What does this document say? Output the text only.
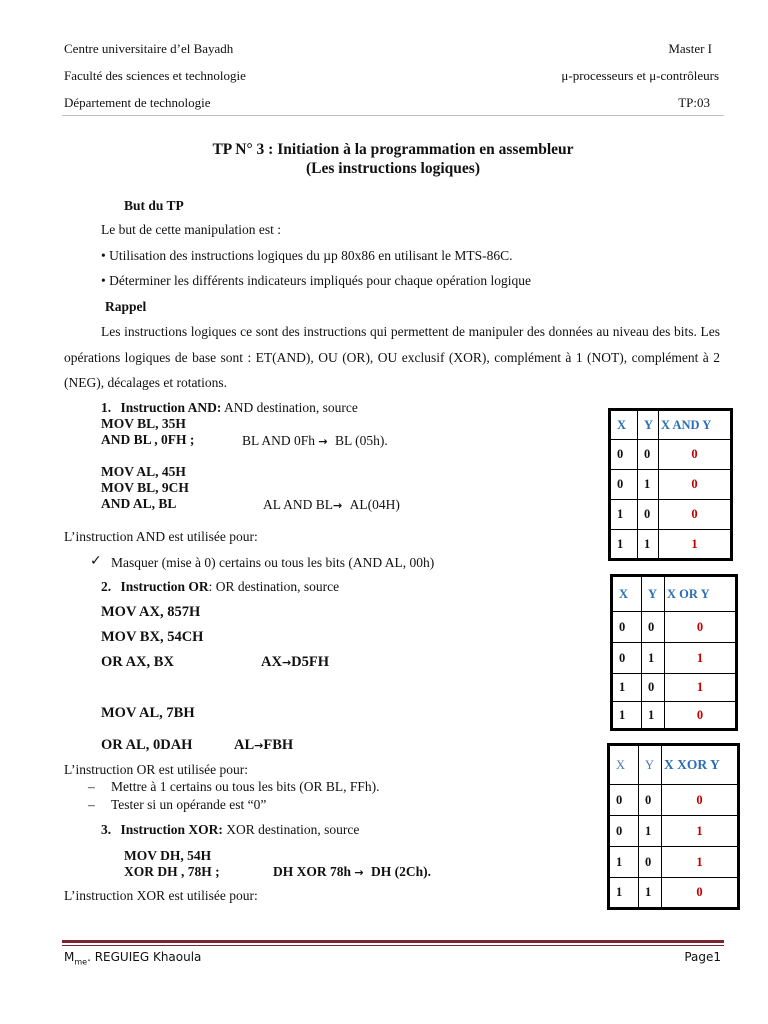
Centre universitaire d’el Bayadh	Master I
Faculté des sciences et technologie	μ-processeurs et μ-contrôleurs
Département de technologie	TP:03
TP N° 3 : Initiation à la programmation en assembleur
(Les instructions logiques)
But du TP
Le but de cette manipulation est :
• Utilisation des instructions logiques du µp 80x86 en utilisant le MTS-86C.
• Déterminer les différents indicateurs impliqués pour chaque opération logique
Rappel
Les instructions logiques ce sont des instructions qui permettent de manipuler des données au niveau des bits. Les opérations logiques de base sont : ET(AND), OU (OR), OU exclusif (XOR), complément à 1 (NOT), complément à 2 (NEG), décalages et rotations.
1. Instruction AND: AND destination, source
MOV BL, 35H
AND BL , 0FH ;	BL AND 0Fh → BL (05h).
MOV AL, 45H
MOV BL, 9CH
AND AL, BL	AL AND BL→ AL(04H)
L’instruction AND est utilisée pour:
✓ Masquer (mise à 0) certains ou tous les bits (AND AL, 00h)
2. Instruction OR: OR destination, source
MOV AX, 857H
MOV BX, 54CH
OR AX, BX	AX→D5FH
MOV AL, 7BH
OR AL, 0DAH	AL→FBH
L’instruction OR est utilisée pour:
– Mettre à 1 certains ou tous les bits (OR BL, FFh).
– Tester si un opérande est “0”
3. Instruction XOR: XOR destination, source
MOV DH, 54H
XOR DH , 78H ;	DH XOR 78h → DH (2Ch).
L’instruction XOR est utilisée pour:
X	Y	X AND Y
0	0	0
0	1	0
1	0	0
1	1	1
X	Y	X OR Y
0	0	0
0	1	1
1	0	1
1	1	0
X	Y	X XOR Y
0	0	0
0	1	1
1	0	1
1	1	0
$M_{me}$. REGUIEG Khaoula	Page1
